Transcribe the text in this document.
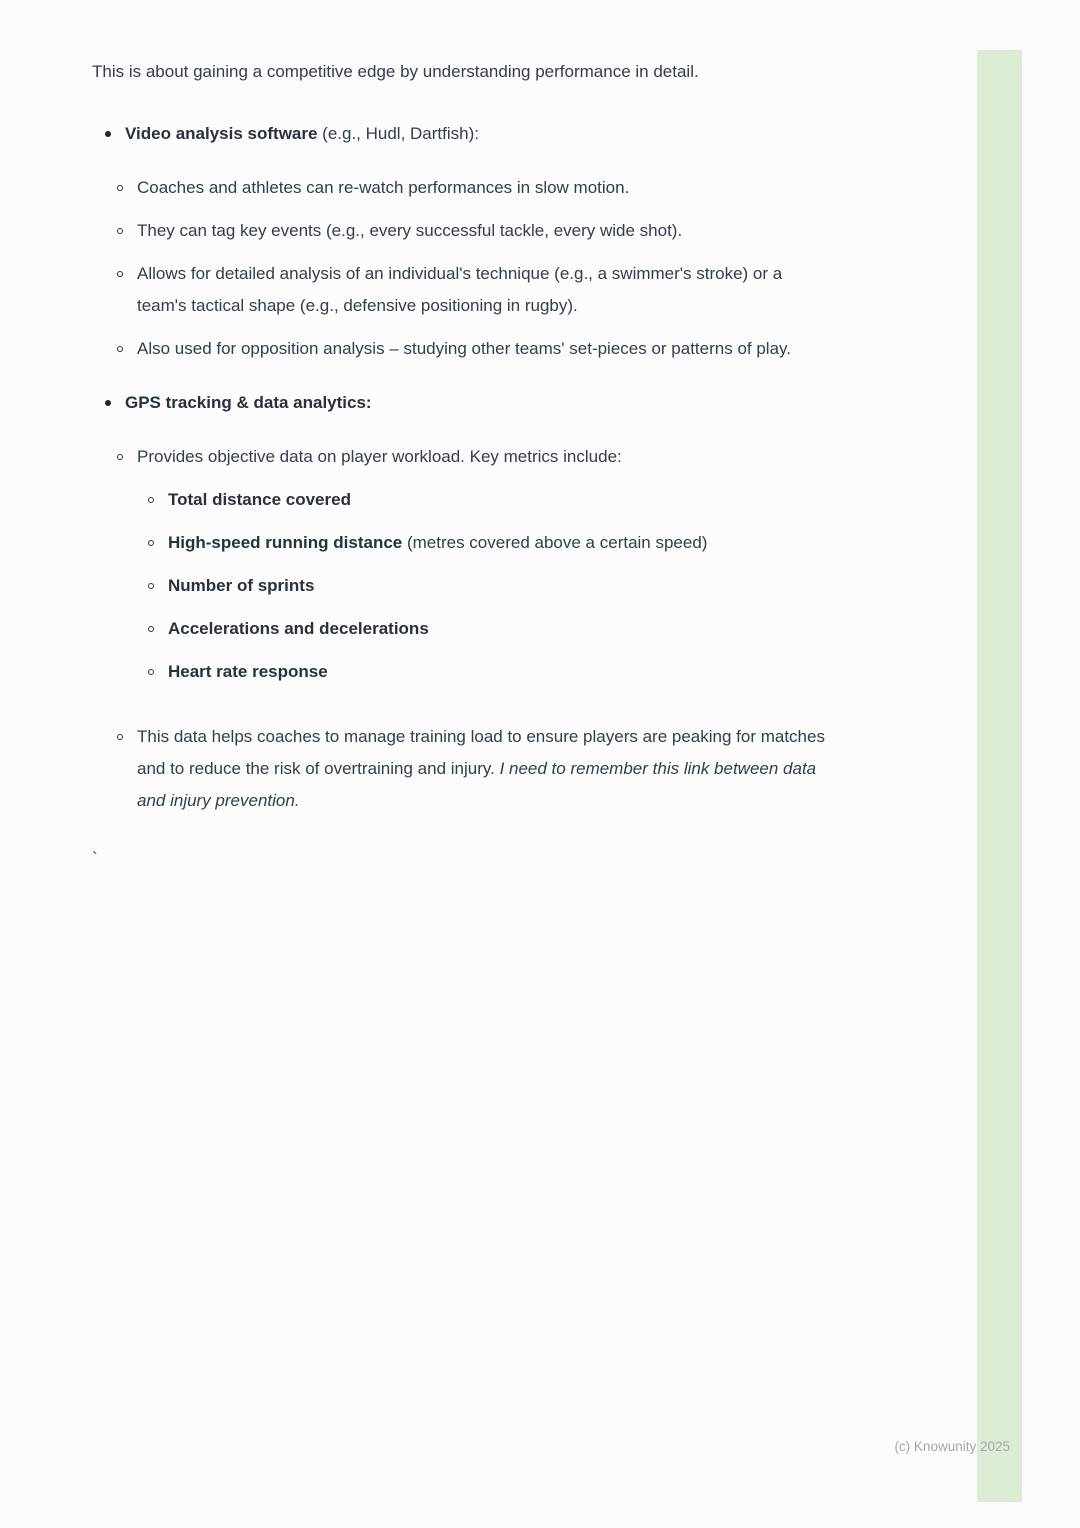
This is about gaining a competitive edge by understanding performance in detail.

Video analysis software (e.g., Hudl, Dartfish):
Coaches and athletes can re-watch performances in slow motion.
They can tag key events (e.g., every successful tackle, every wide shot).
Allows for detailed analysis of an individual's technique (e.g., a swimmer's stroke) or a team's tactical shape (e.g., defensive positioning in rugby).
Also used for opposition analysis – studying other teams' set-pieces or patterns of play.
GPS tracking & data analytics:
Provides objective data on player workload. Key metrics include:
Total distance covered
High-speed running distance (metres covered above a certain speed)
Number of sprints
Accelerations and decelerations
Heart rate response
This data helps coaches to manage training load to ensure players are peaking for matches and to reduce the risk of overtraining and injury. I need to remember this link between data and injury prevention.
`
(c) Knowunity 2025
